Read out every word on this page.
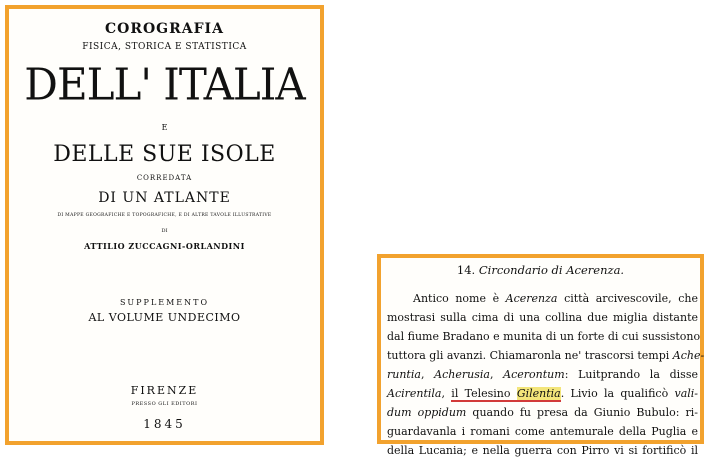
COROGRAFIA
FISICA, STORICA E STATISTICA
DELL' ITALIA
E
DELLE SUE ISOLE
CORREDATA
DI UN ATLANTE
DI MAPPE GEOGRAFICHE E TOPOGRAFICHE, E DI ALTRE TAVOLE ILLUSTRATIVE
DI
ATTILIO ZUCCAGNI-ORLANDINI
SUPPLEMENTO
AL VOLUME UNDECIMO
FIRENZE
PRESSO GLI EDITORI
1845
14. Circondario di Acerenza.
Antico nome è Acerenza città arcivescovile, che
mostrasi sulla cima di una collina due miglia distante
dal fiume Bradano e munita di un forte di cui sussistono
tuttora gli avanzi. Chiamaronla ne' trascorsi tempi Ache-
runtia, Acherusia, Acerontum: Luitprando la disse
Acirentila, il Telesino Gilentia. Livio la qualificò vali-
dum oppidum quando fu presa da Giunio Bubulo: ri-
guardavanla i romani come antemurale della Puglia e
della Lucania; e nella guerra con Pirro vi si fortificò il
